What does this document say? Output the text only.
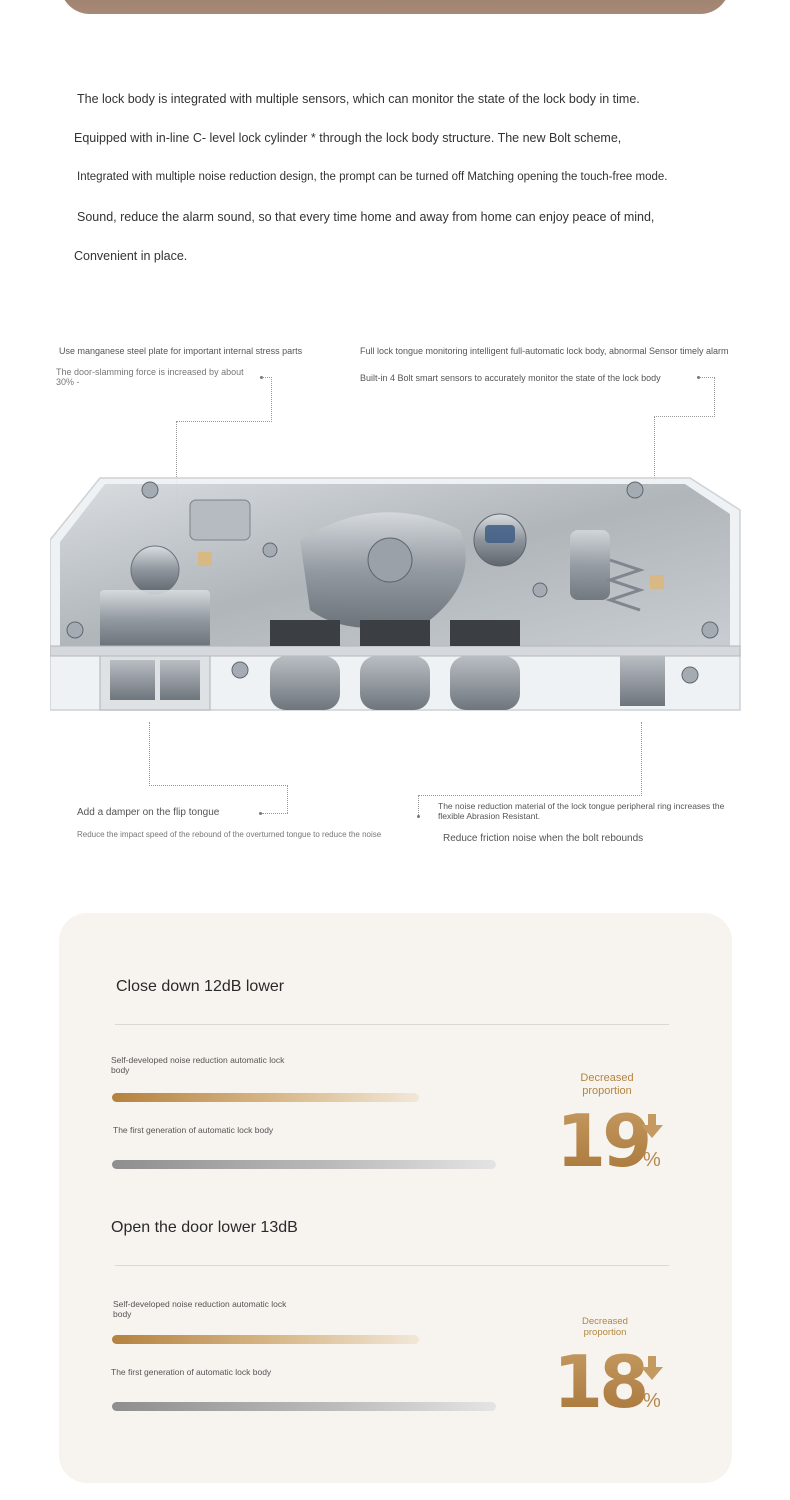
The lock body is integrated with multiple sensors, which can monitor the state of the lock body in time.

Equipped with in-line C- level lock cylinder * through the lock body structure. The new Bolt scheme,

Integrated with multiple noise reduction design, the prompt can be turned off Matching opening the touch-free mode.

Sound, reduce the alarm sound, so that every time home and away from home can enjoy peace of mind,

Convenient in place.

Use manganese steel plate for important internal stress parts
The door-slamming force is increased by about 30% -
Full lock tongue monitoring intelligent full-automatic lock body, abnormal Sensor timely alarm
Built-in 4 Bolt smart sensors to accurately monitor the state of the lock body
Add a damper on the flip tongue
Reduce the impact speed of the rebound of the overturned tongue to reduce the noise
The noise reduction material of the lock tongue peripheral ring increases the flexible Abrasion Resistant.
Reduce friction noise when the bolt rebounds
Close down 12dB lower
Self-developed noise reduction automatic lock body
The first generation of automatic lock body
Decreased proportion
19
%
Open the door lower 13dB
Self-developed noise reduction automatic lock body
The first generation of automatic lock body
Decreased proportion
18
%
